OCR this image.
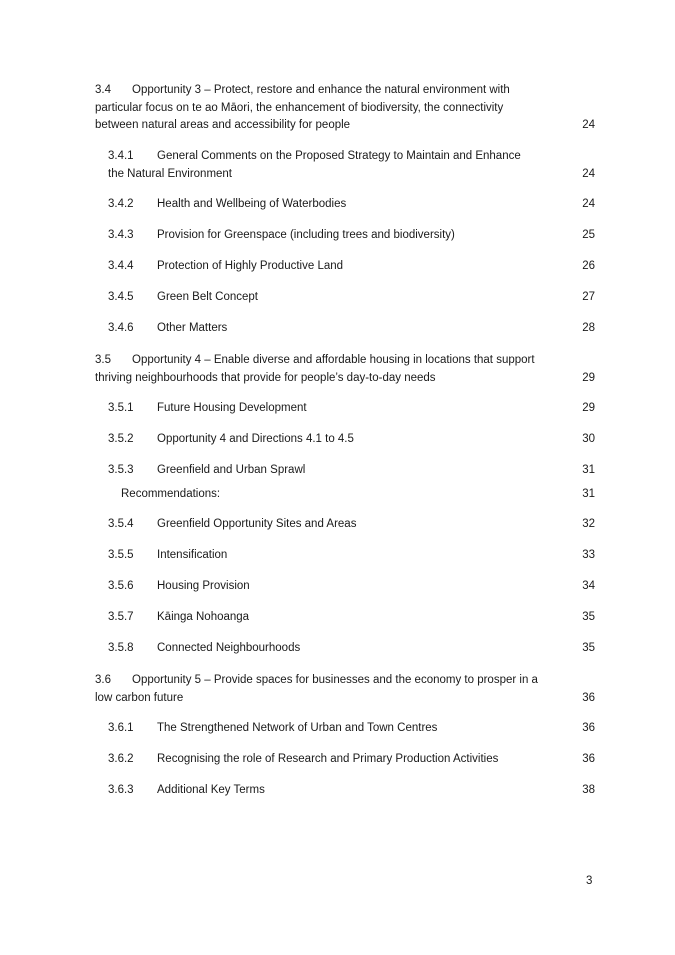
3.4 Opportunity 3 – Protect, restore and enhance the natural environment with particular focus on te ao Māori, the enhancement of biodiversity, the connectivity between natural areas and accessibility for people	24
3.4.1 General Comments on the Proposed Strategy to Maintain and Enhance the Natural Environment	24
3.4.2 Health and Wellbeing of Waterbodies	24
3.4.3 Provision for Greenspace (including trees and biodiversity)	25
3.4.4 Protection of Highly Productive Land	26
3.4.5 Green Belt Concept	27
3.4.6 Other Matters	28
3.5 Opportunity 4 – Enable diverse and affordable housing in locations that support thriving neighbourhoods that provide for people’s day-to-day needs	29
3.5.1 Future Housing Development	29
3.5.2 Opportunity 4 and Directions 4.1 to 4.5	30
3.5.3 Greenfield and Urban Sprawl	31
Recommendations:	31
3.5.4 Greenfield Opportunity Sites and Areas	32
3.5.5 Intensification	33
3.5.6 Housing Provision	34
3.5.7 Kāinga Nohoanga	35
3.5.8 Connected Neighbourhoods	35
3.6 Opportunity 5 – Provide spaces for businesses and the economy to prosper in a low carbon future	36
3.6.1 The Strengthened Network of Urban and Town Centres	36
3.6.2 Recognising the role of Research and Primary Production Activities	36
3.6.3 Additional Key Terms	38
3
